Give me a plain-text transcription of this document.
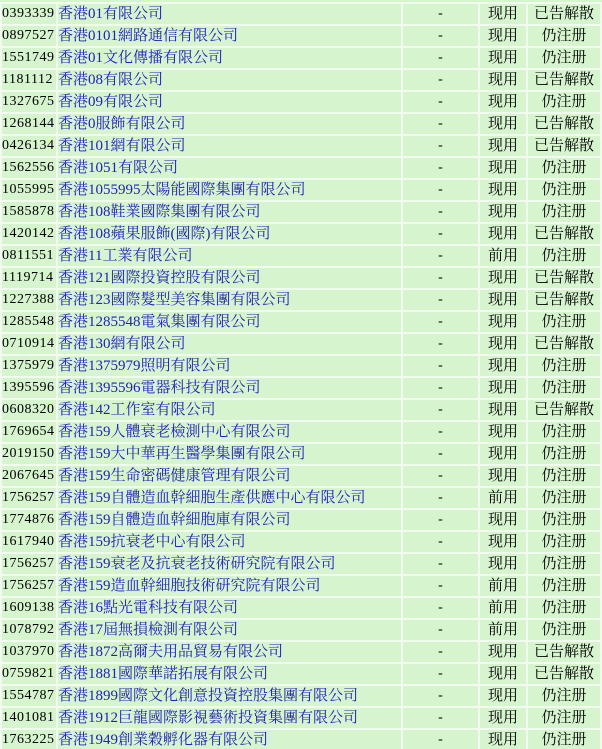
0393339	香港01有限公司	-	现用	已告解散
0897527	香港0101網路通信有限公司	-	现用	仍注册
1551749	香港01文化傳播有限公司	-	现用	仍注册
1181112	香港08有限公司	-	现用	已告解散
1327675	香港09有限公司	-	现用	仍注册
1268144	香港0服飾有限公司	-	现用	已告解散
0426134	香港101網有限公司	-	现用	已告解散
1562556	香港1051有限公司	-	现用	仍注册
1055995	香港1055995太陽能國際集團有限公司	-	现用	仍注册
1585878	香港108鞋業國際集團有限公司	-	现用	仍注册
1420142	香港108蘋果服飾(國際)有限公司	-	现用	已告解散
0811551	香港11工業有限公司	-	前用	仍注册
1119714	香港121國際投資控股有限公司	-	现用	已告解散
1227388	香港123國際髮型美容集團有限公司	-	现用	已告解散
1285548	香港1285548電氣集團有限公司	-	现用	仍注册
0710914	香港130網有限公司	-	现用	已告解散
1375979	香港1375979照明有限公司	-	现用	仍注册
1395596	香港1395596電器科技有限公司	-	现用	仍注册
0608320	香港142工作室有限公司	-	现用	已告解散
1769654	香港159人體衰老檢測中心有限公司	-	现用	仍注册
2019150	香港159大中華再生醫學集團有限公司	-	现用	仍注册
2067645	香港159生命密碼健康管理有限公司	-	现用	仍注册
1756257	香港159自體造血幹細胞生產供應中心有限公司	-	前用	仍注册
1774876	香港159自體造血幹細胞庫有限公司	-	现用	仍注册
1617940	香港159抗衰老中心有限公司	-	现用	仍注册
1756257	香港159衰老及抗衰老技術研究院有限公司	-	现用	仍注册
1756257	香港159造血幹細胞技術研究院有限公司	-	前用	仍注册
1609138	香港16點光電科技有限公司	-	前用	仍注册
1078792	香港17屆無損檢測有限公司	-	前用	仍注册
1037970	香港1872高爾夫用品貿易有限公司	-	现用	已告解散
0759821	香港1881國際華諾拓展有限公司	-	现用	已告解散
1554787	香港1899國際文化創意投資控股集團有限公司	-	现用	仍注册
1401081	香港1912巨龍國際影視藝術投資集團有限公司	-	现用	仍注册
1763225	香港1949創業穀孵化器有限公司	-	现用	仍注册
